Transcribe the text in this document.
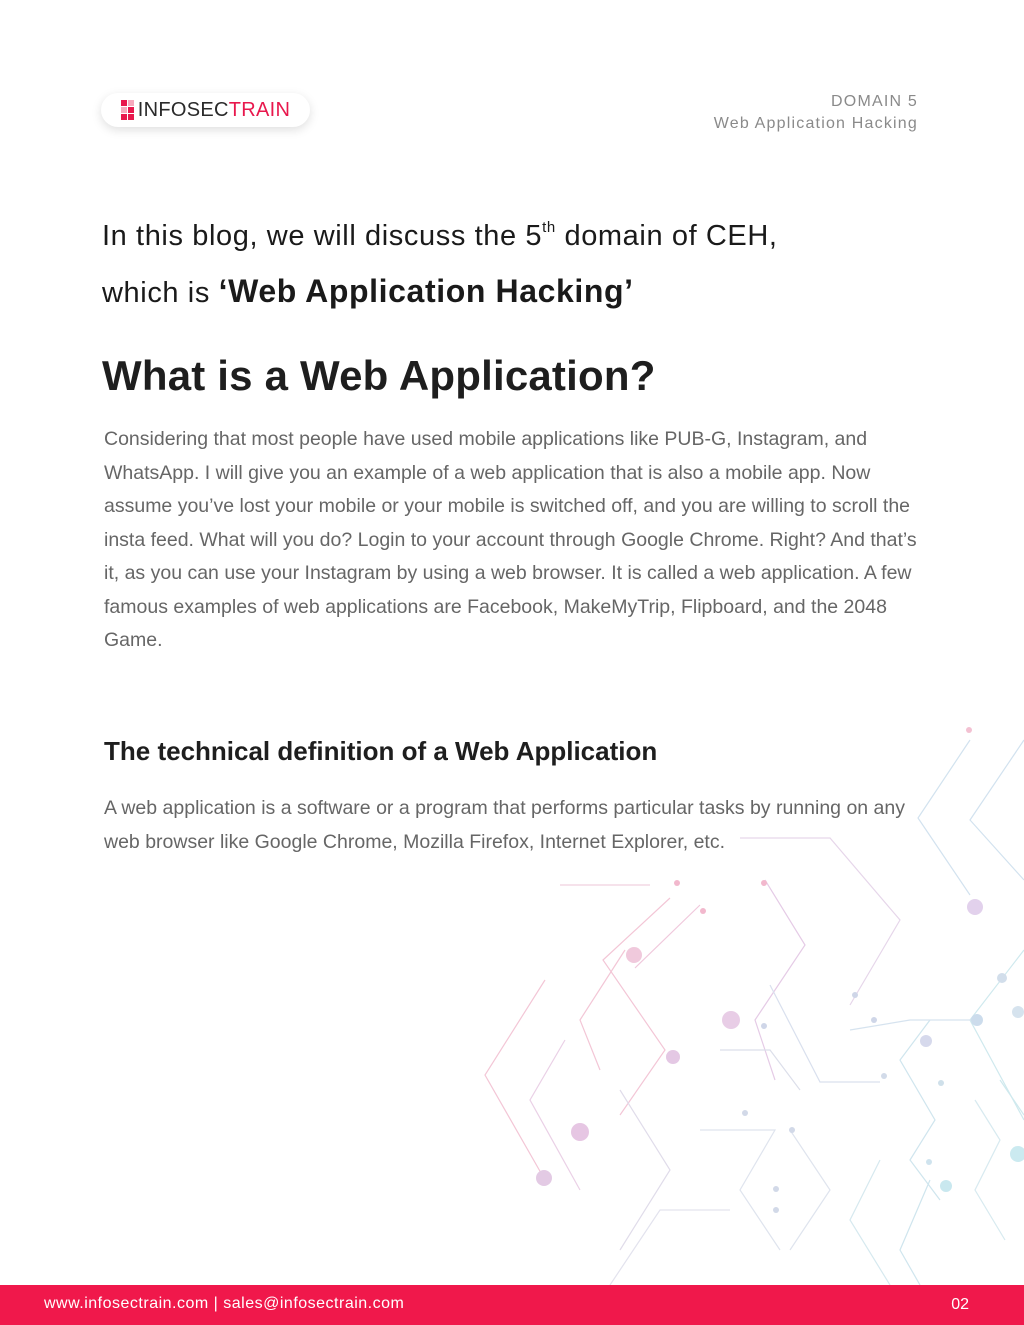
INFOSECTRAIN	DOMAIN 5
Web Application Hacking
In this blog, we will discuss the 5th domain of CEH,
which is ‘Web Application Hacking’
What is a Web Application?

Considering that most people have used mobile applications like PUB-G, Instagram, and WhatsApp. I will give you an example of a web application that is also a mobile app. Now assume you’ve lost your mobile or your mobile is switched off, and you are willing to scroll the insta feed. What will you do? Login to your account through Google Chrome. Right? And that’s it, as you can use your Instagram by using a web browser. It is called a web application. A few famous examples of web applications are Facebook, MakeMyTrip, Flipboard, and the 2048 Game.

The technical definition of a Web Application

A web application is a software or a program that performs particular tasks by running on any web browser like Google Chrome, Mozilla Firefox, Internet Explorer, etc.

www.infosectrain.com | sales@infosectrain.com	02
